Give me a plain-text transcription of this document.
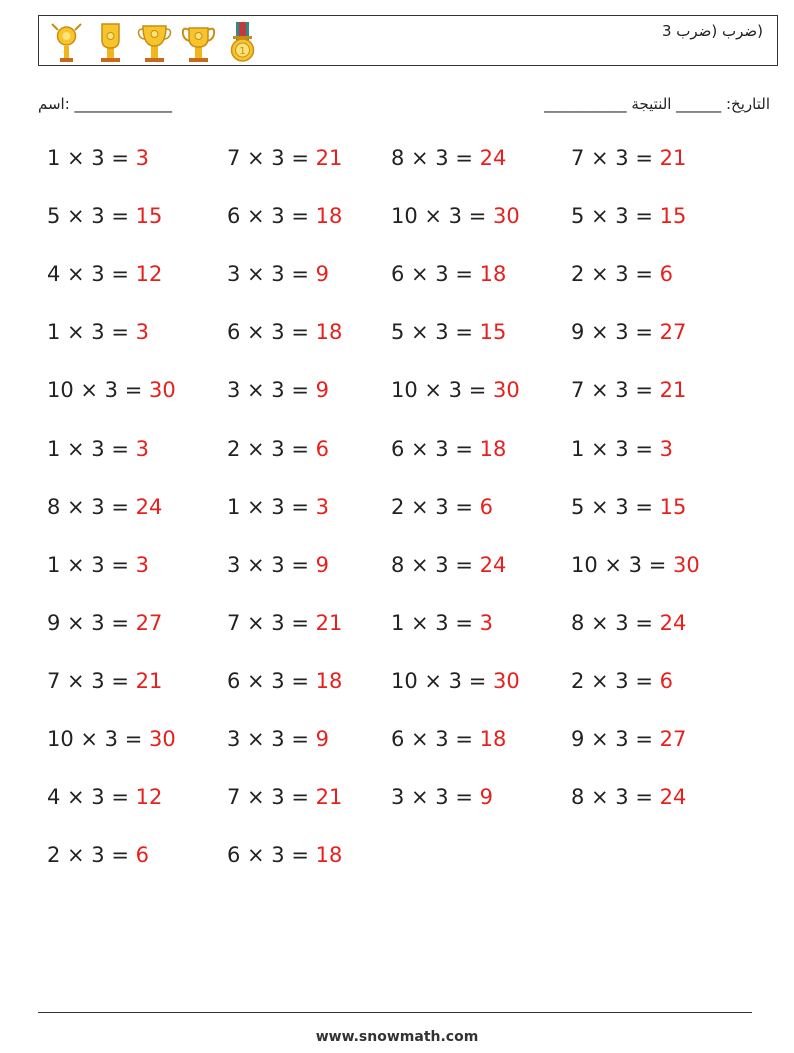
1
(ضرب (ضرب 3
اسم: _____________	التاريخ: ______ النتيجة ___________
1 × 3 = 3
5 × 3 = 15
4 × 3 = 12
1 × 3 = 3
10 × 3 = 30
1 × 3 = 3
8 × 3 = 24
1 × 3 = 3
9 × 3 = 27
7 × 3 = 21
10 × 3 = 30
4 × 3 = 12
2 × 3 = 6
7 × 3 = 21
6 × 3 = 18
3 × 3 = 9
6 × 3 = 18
3 × 3 = 9
2 × 3 = 6
1 × 3 = 3
3 × 3 = 9
7 × 3 = 21
6 × 3 = 18
3 × 3 = 9
7 × 3 = 21
6 × 3 = 18
8 × 3 = 24
10 × 3 = 30
6 × 3 = 18
5 × 3 = 15
10 × 3 = 30
6 × 3 = 18
2 × 3 = 6
8 × 3 = 24
1 × 3 = 3
10 × 3 = 30
6 × 3 = 18
3 × 3 = 9
7 × 3 = 21
5 × 3 = 15
2 × 3 = 6
9 × 3 = 27
7 × 3 = 21
1 × 3 = 3
5 × 3 = 15
10 × 3 = 30
8 × 3 = 24
2 × 3 = 6
9 × 3 = 27
8 × 3 = 24
www.snowmath.com
